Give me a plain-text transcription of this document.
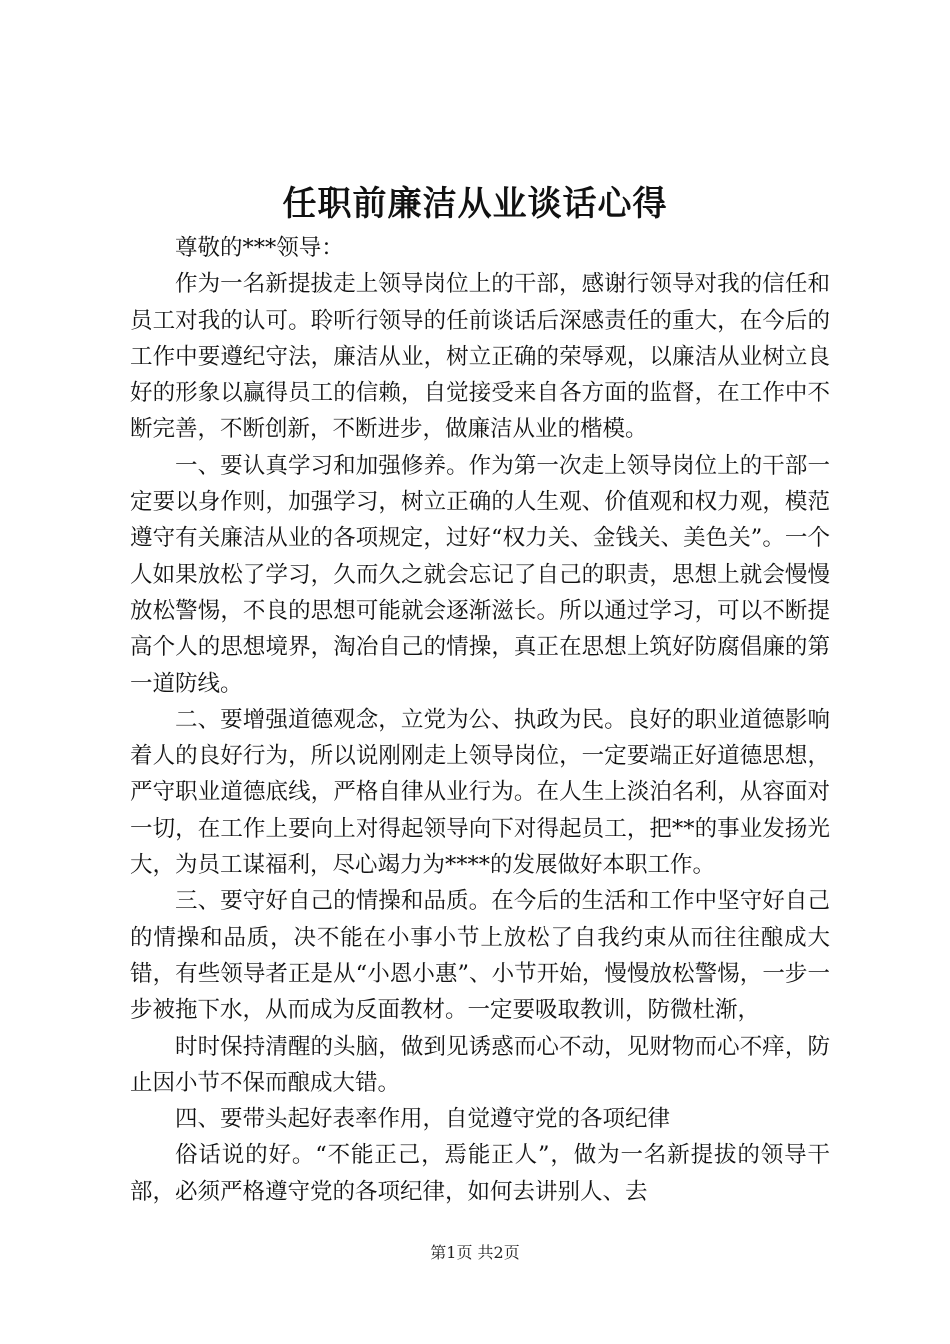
任职前廉洁从业谈话心得

尊敬的***领导：

作为一名新提拔走上领导岗位上的干部，感谢行领导对我的信任和员工对我的认可。聆听行领导的任前谈话后深感责任的重大，在今后的工作中要遵纪守法，廉洁从业，树立正确的荣辱观，以廉洁从业树立良好的形象以赢得员工的信赖，自觉接受来自各方面的监督，在工作中不断完善，不断创新，不断进步，做廉洁从业的楷模。

一、要认真学习和加强修养。作为第一次走上领导岗位上的干部一定要以身作则，加强学习，树立正确的人生观、价值观和权力观，模范遵守有关廉洁从业的各项规定，过好“权力关、金钱关、美色关”。一个人如果放松了学习，久而久之就会忘记了自己的职责，思想上就会慢慢放松警惕，不良的思想可能就会逐渐滋长。所以通过学习，可以不断提高个人的思想境界，淘冶自己的情操，真正在思想上筑好防腐倡廉的第一道防线。

二、要增强道德观念，立党为公、执政为民。良好的职业道德影响着人的良好行为，所以说刚刚走上领导岗位，一定要端正好道德思想，严守职业道德底线，严格自律从业行为。在人生上淡泊名利，从容面对一切，在工作上要向上对得起领导向下对得起员工，把**的事业发扬光大，为员工谋福利，尽心竭力为****的发展做好本职工作。

三、要守好自己的情操和品质。在今后的生活和工作中坚守好自己的情操和品质，决不能在小事小节上放松了自我约束从而往往酿成大错，有些领导者正是从“小恩小惠”、小节开始，慢慢放松警惕，一步一步被拖下水，从而成为反面教材。一定要吸取教训，防微杜渐，

时时保持清醒的头脑，做到见诱惑而心不动，见财物而心不痒，防止因小节不保而酿成大错。

四、要带头起好表率作用，自觉遵守党的各项纪律

俗话说的好。“不能正己，焉能正人”，做为一名新提拔的领导干部，必须严格遵守党的各项纪律，如何去讲别人、去

第1页 共2页
